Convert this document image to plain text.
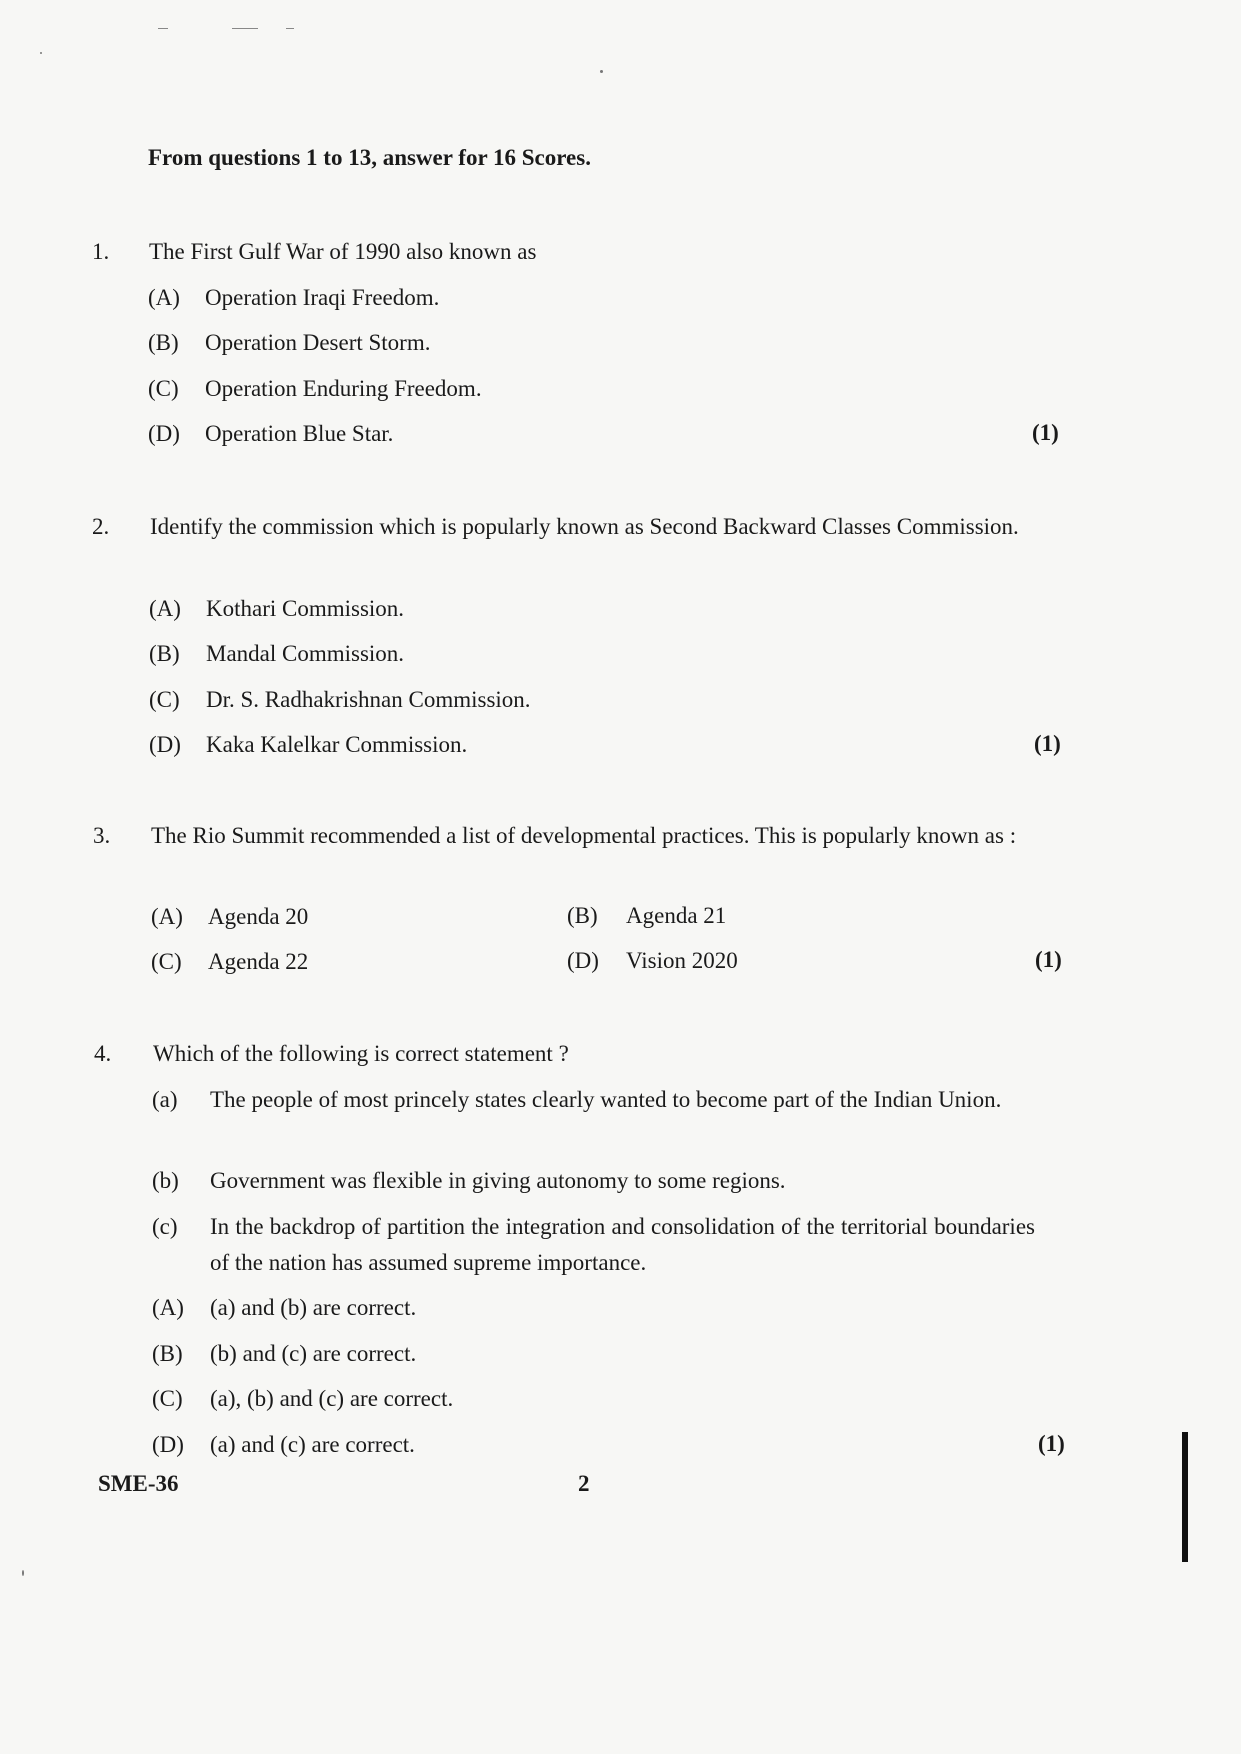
From questions 1 to 13, answer for 16 Scores.
1. The First Gulf War of 1990 also known as
(A) Operation Iraqi Freedom.
(B) Operation Desert Storm.
(C) Operation Enduring Freedom.
(D) Operation Blue Star.	(1)
2. Identify the commission which is popularly known as Second Backward Classes Commission.
(A) Kothari Commission.
(B) Mandal Commission.
(C) Dr. S. Radhakrishnan Commission.
(D) Kaka Kalelkar Commission.	(1)
3. The Rio Summit recommended a list of developmental practices. This is popularly known as :
(A) Agenda 20	(B) Agenda 21
(C) Agenda 22	(D) Vision 2020	(1)
4. Which of the following is correct statement ?
(a) The people of most princely states clearly wanted to become part of the Indian Union.
(b) Government was flexible in giving autonomy to some regions.
(c) In the backdrop of partition the integration and consolidation of the territorial boundaries of the nation has assumed supreme importance.
(A) (a) and (b) are correct.
(B) (b) and (c) are correct.
(C) (a), (b) and (c) are correct.
(D) (a) and (c) are correct.	(1)
SME-36	2
